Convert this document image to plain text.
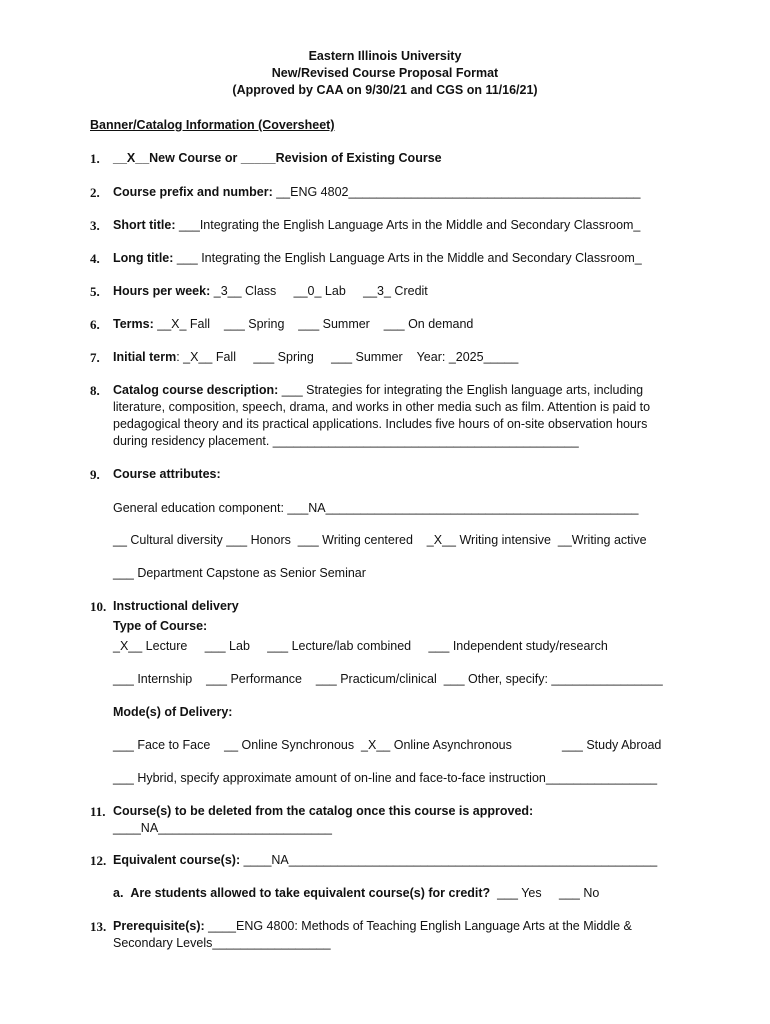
Eastern Illinois University
New/Revised Course Proposal Format
(Approved by CAA on 9/30/21 and CGS on 11/16/21)
Banner/Catalog Information (Coversheet)
1. __X__New Course or _____Revision of Existing Course
2. Course prefix and number: __ENG 4802__________________________________________
3. Short title: ___Integrating the English Language Arts in the Middle and Secondary Classroom_
4. Long title: ___ Integrating the English Language Arts in the Middle and Secondary Classroom_
5. Hours per week: _3__ Class     __0_ Lab     __3_ Credit
6. Terms: __X_ Fall    ___ Spring    ___ Summer    ___ On demand
7. Initial term: _X__ Fall     ___ Spring     ___ Summer    Year: _2025_____
8. Catalog course description: ___ Strategies for integrating the English language arts, including
literature, composition, speech, drama, and works in other media such as film. Attention is paid to
pedagogical theory and its practical applications. Includes five hours of on-site observation hours
during residency placement. ____________________________________________
9. Course attributes:
General education component: ___NA_____________________________________________
__ Cultural diversity ___ Honors  ___ Writing centered    _X__ Writing intensive  __Writing active
___ Department Capstone as Senior Seminar
10. Instructional delivery
Type of Course:
_X__ Lecture     ___ Lab     ___ Lecture/lab combined     ___ Independent study/research
___ Internship    ___ Performance    ___ Practicum/clinical  ___ Other, specify: ________________
Mode(s) of Delivery:
___ Face to Face    __ Online Synchronous  _X__ Online Asynchronous	___ Study Abroad
___ Hybrid, specify approximate amount of on-line and face-to-face instruction________________
11. Course(s) to be deleted from the catalog once this course is approved:
____NA_________________________
12. Equivalent course(s): ____NA_____________________________________________________
a.  Are students allowed to take equivalent course(s) for credit?  ___ Yes     ___ No
13. Prerequisite(s): ____ENG 4800: Methods of Teaching English Language Arts at the Middle &
Secondary Levels_________________
